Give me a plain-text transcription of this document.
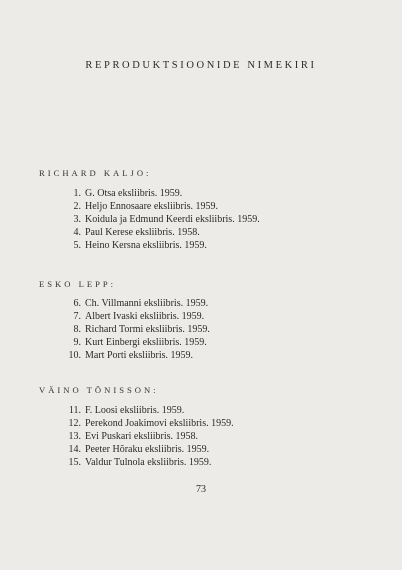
REPRODUKTSIOONIDE NIMEKIRI
RICHARD KALJO:
1. G. Otsa eksliibris. 1959.
2. Heljo Ennosaare eksliibris. 1959.
3. Koidula ja Edmund Keerdi eksliibris. 1959.
4. Paul Kerese eksliibris. 1958.
5. Heino Kersna eksliibris. 1959.
ESKO LEPP:
6. Ch. Villmanni eksliibris. 1959.
7. Albert Ivaski eksliibris. 1959.
8. Richard Tormi eksliibris. 1959.
9. Kurt Einbergi eksliibris. 1959.
10. Mart Porti eksliibris. 1959.
VÄINO TÕNISSON:
11. F. Loosi eksliibris. 1959.
12. Perekond Joakimovi eksliibris. 1959.
13. Evi Puskari eksliibris. 1958.
14. Peeter Hõraku eksliibris. 1959.
15. Valdur Tulnola eksliibris. 1959.
73
